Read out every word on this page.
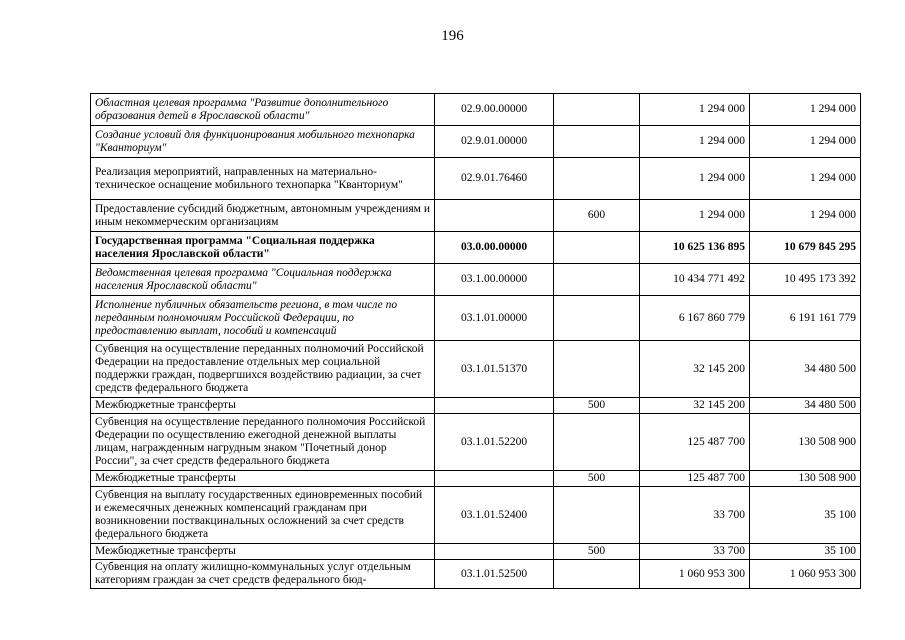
196
Областная целевая программа "Развитие дополнительного образования детей в Ярославской области"	02.9.00.00000		1 294 000	1 294 000
Создание условий для функционирования мобильного технопарка "Кванториум"	02.9.01.00000		1 294 000	1 294 000
Реализация мероприятий, направленных на материально-техническое оснащение мобильного технопарка "Кванториум"	02.9.01.76460		1 294 000	1 294 000
Предоставление субсидий бюджетным, автономным учреждениям и иным некоммерческим организациям		600	1 294 000	1 294 000
Государственная программа "Социальная поддержка населения Ярославской области"	03.0.00.00000		10 625 136 895	10 679 845 295
Ведомственная целевая программа "Социальная поддержка населения Ярославской области"	03.1.00.00000		10 434 771 492	10 495 173 392
Исполнение публичных обязательств региона, в том числе по переданным полномочиям Российской Федерации, по предоставлению выплат, пособий и компенсаций	03.1.01.00000		6 167 860 779	6 191 161 779
Субвенция на осуществление переданных полномочий Российской Федерации на предоставление отдельных мер социальной поддержки граждан, подвергшихся воздействию радиации, за счет средств федерального бюджета	03.1.01.51370		32 145 200	34 480 500
Межбюджетные трансферты		500	32 145 200	34 480 500
Субвенция на осуществление переданного полномочия Российской Федерации по осуществлению ежегодной денежной выплаты лицам, награжденным нагрудным знаком "Почетный донор России", за счет средств федерального бюджета	03.1.01.52200		125 487 700	130 508 900
Межбюджетные трансферты		500	125 487 700	130 508 900
Субвенция на выплату государственных единовременных пособий и ежемесячных денежных компенсаций гражданам при возникновении поствакцинальных осложнений за счет средств федерального бюджета	03.1.01.52400		33 700	35 100
Межбюджетные трансферты		500	33 700	35 100
Субвенция на оплату жилищно-коммунальных услуг отдельным категориям граждан за счет средств федерального бюд-	03.1.01.52500		1 060 953 300	1 060 953 300
